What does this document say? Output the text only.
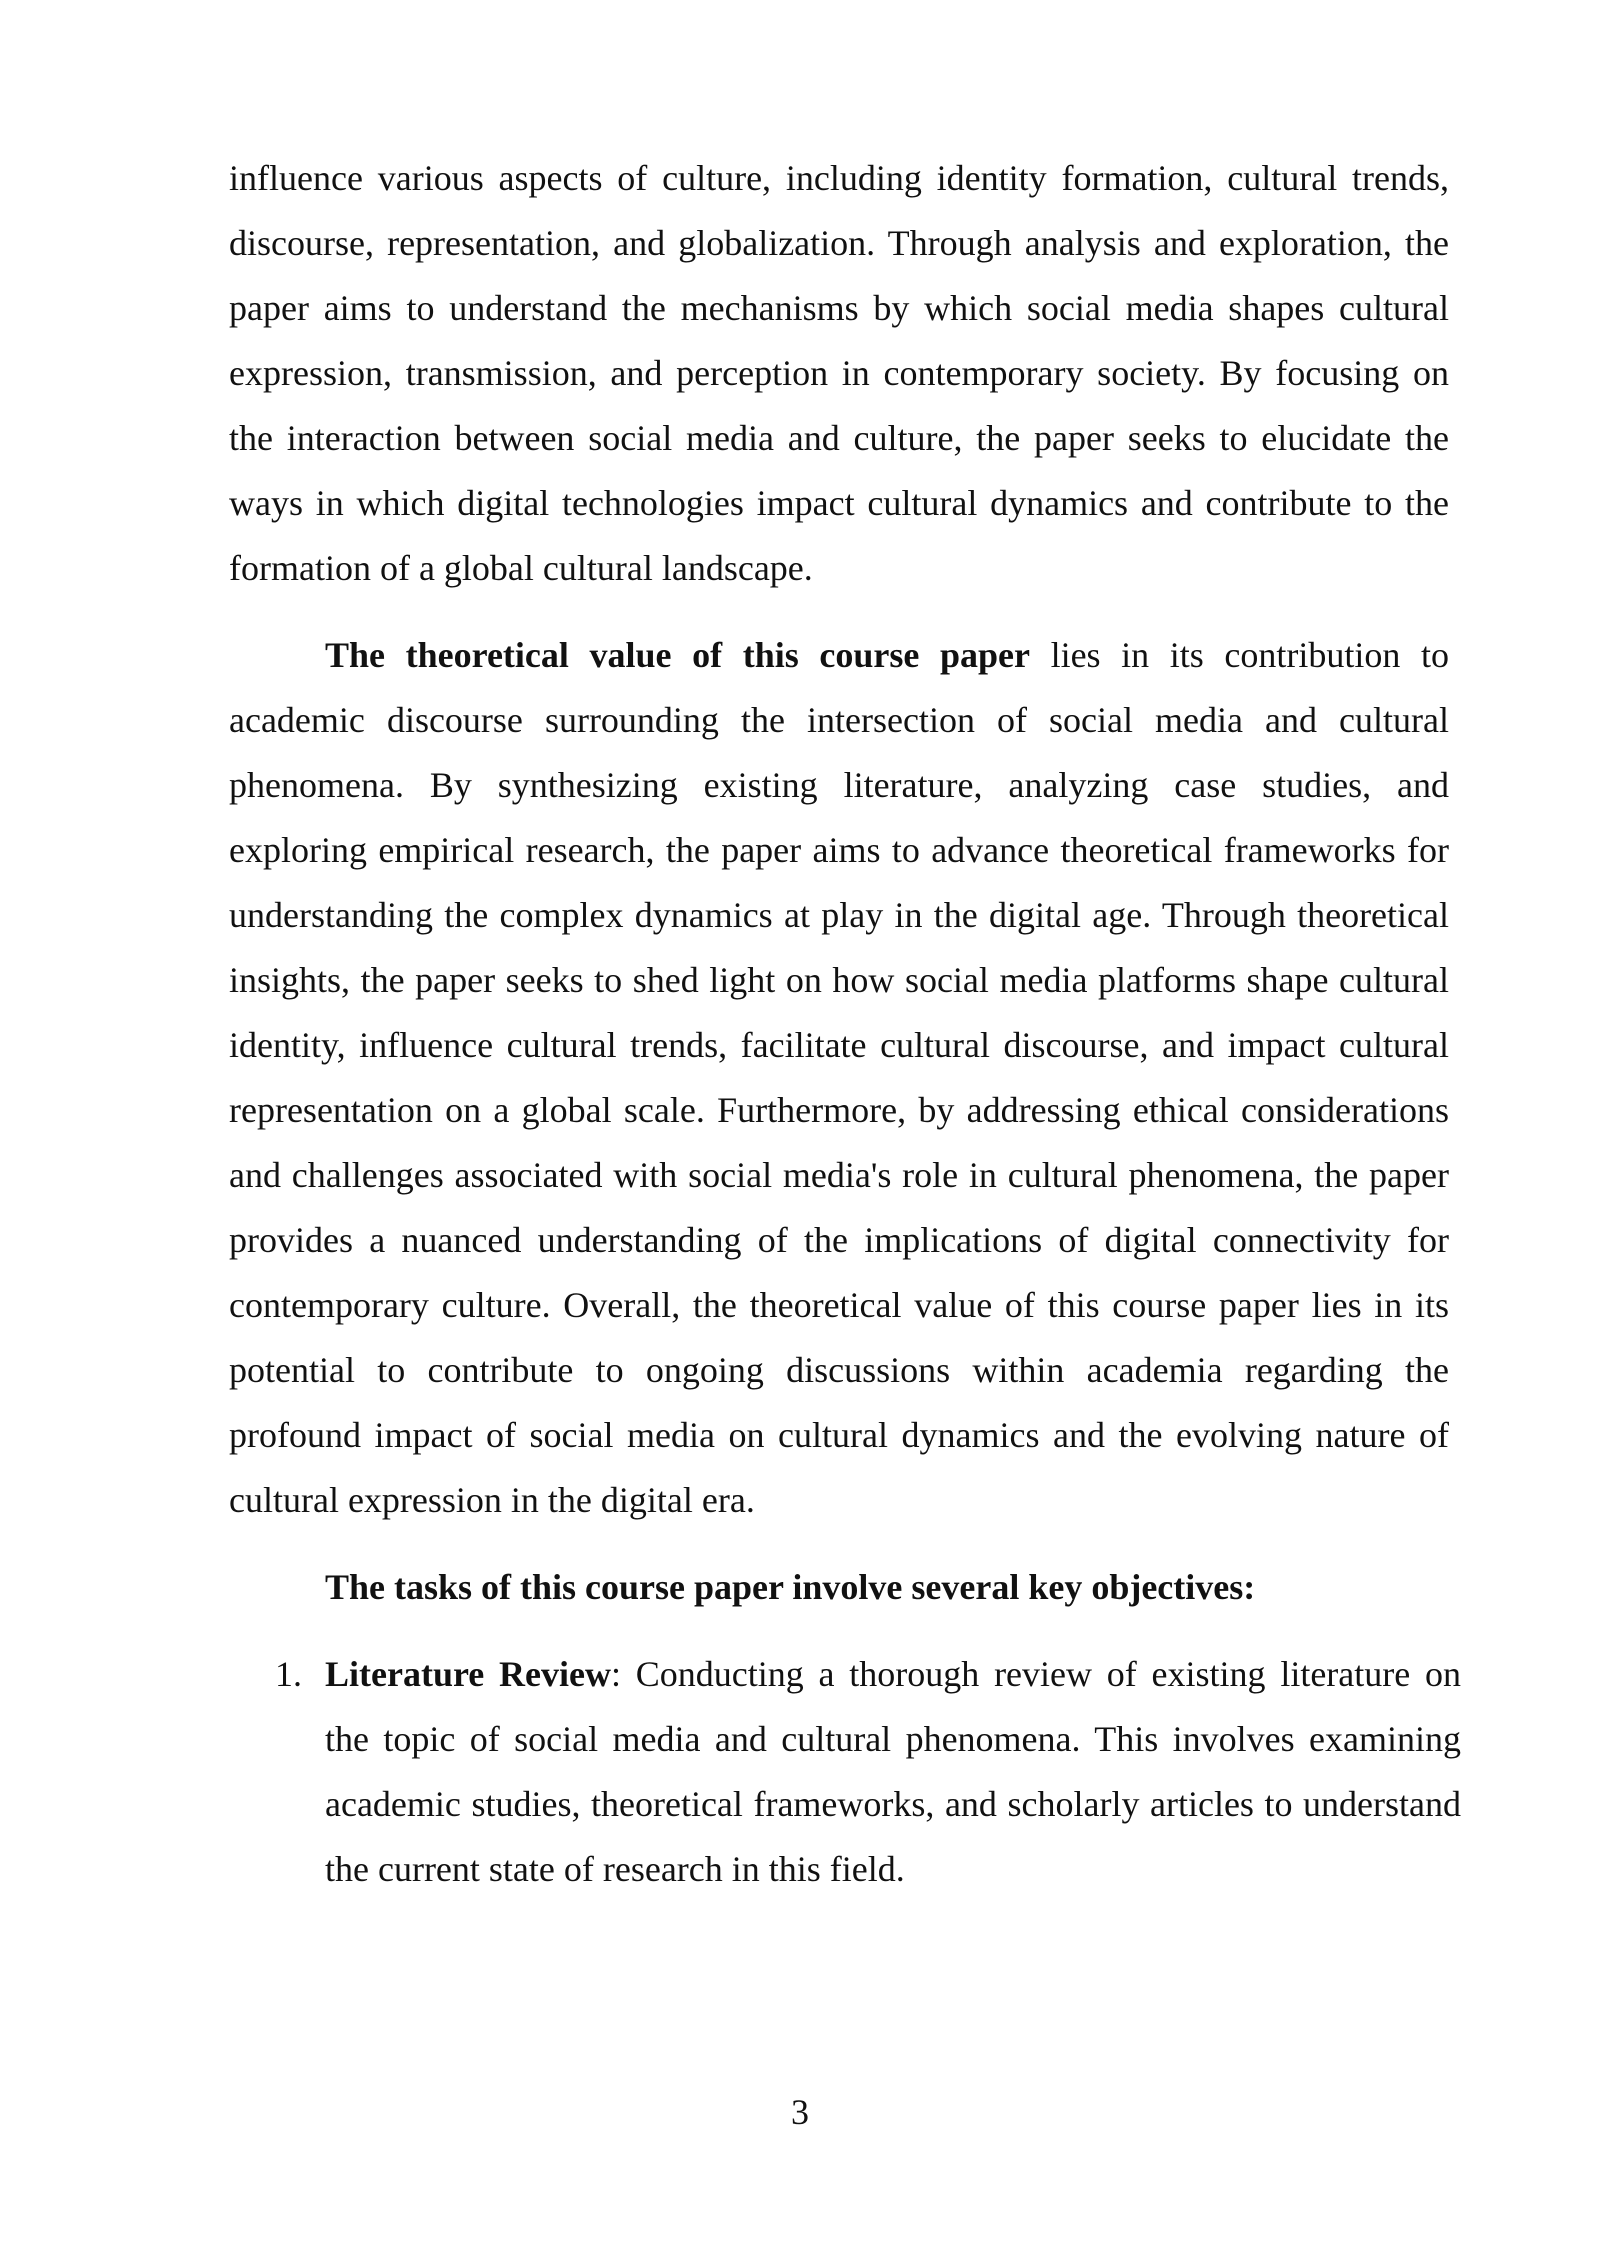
influence various aspects of culture, including identity formation, cultural trends, discourse, representation, and globalization. Through analysis and exploration, the paper aims to understand the mechanisms by which social media shapes cultural expression, transmission, and perception in contemporary society. By focusing on the interaction between social media and culture, the paper seeks to elucidate the ways in which digital technologies impact cultural dynamics and contribute to the formation of a global cultural landscape.

The theoretical value of this course paper lies in its contribution to academic discourse surrounding the intersection of social media and cultural phenomena. By synthesizing existing literature, analyzing case studies, and exploring empirical research, the paper aims to advance theoretical frameworks for understanding the complex dynamics at play in the digital age. Through theoretical insights, the paper seeks to shed light on how social media platforms shape cultural identity, influence cultural trends, facilitate cultural discourse, and impact cultural representation on a global scale. Furthermore, by addressing ethical considerations and challenges associated with social media's role in cultural phenomena, the paper provides a nuanced understanding of the implications of digital connectivity for contemporary culture. Overall, the theoretical value of this course paper lies in its potential to contribute to ongoing discussions within academia regarding the profound impact of social media on cultural dynamics and the evolving nature of cultural expression in the digital era.

The tasks of this course paper involve several key objectives:

1. Literature Review: Conducting a thorough review of existing literature on the topic of social media and cultural phenomena. This involves examining academic studies, theoretical frameworks, and scholarly articles to understand the current state of research in this field.
3
